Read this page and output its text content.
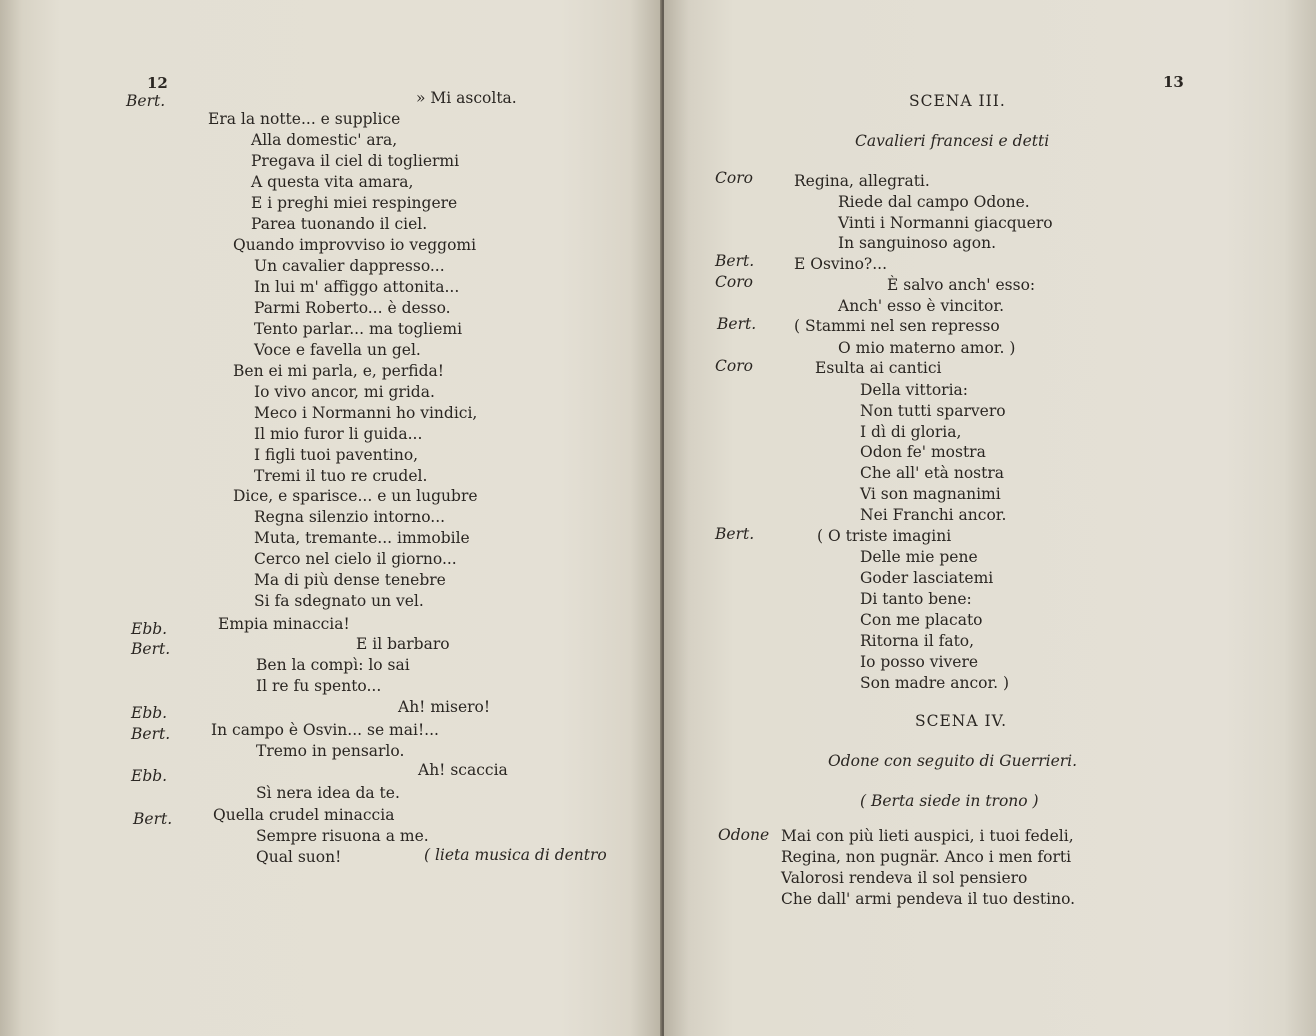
12
Bert.	» Mi ascolta.
Era la notte... e supplice
Alla domestic' ara,
Pregava il ciel di togliermi
A questa vita amara,
E i preghi miei respingere
Parea tuonando il ciel.
Quando improvviso io veggomi
Un cavalier dappresso...
In lui m' affiggo attonita...
Parmi Roberto... è desso.
Tento parlar... ma togliemi
Voce e favella un gel.
Ben ei mi parla, e, perfida!
Io vivo ancor, mi grida.
Meco i Normanni ho vindici,
Il mio furor li guida...
I figli tuoi paventino,
Tremi il tuo re crudel.
Dice, e sparisce... e un lugubre
Regna silenzio intorno...
Muta, tremante... immobile
Cerco nel cielo il giorno...
Ma di più dense tenebre
Si fa sdegnato un vel.
Ebb.	Empia minaccia!
Bert.	E il barbaro
Ben la compì: lo sai
Il re fu spento...
Ebb.	Ah! misero!
Bert.	In campo è Osvin... se mai!...
Tremo in pensarlo.
Ebb.	Ah! scaccia
Sì nera idea da te.
Bert.	Quella crudel minaccia
Sempre risuona a me.
Qual suon!	( lieta musica di dentro
13
SCENA III.
Cavalieri francesi e detti
Coro	Regina, allegrati.
Riede dal campo Odone.
Vinti i Normanni giacquero
In sanguinoso agon.
Bert.	E Osvino?...
Coro	È salvo anch' esso:
Anch' esso è vincitor.
Bert. ( Stammi nel sen represso
O mio materno amor. )
Coro	Esulta ai cantici
Della vittoria:
Non tutti sparvero
I dì di gloria,
Odon fe' mostra
Che all' età nostra
Vi son magnanimi
Nei Franchi ancor.
Bert.	( O triste imagini
Delle mie pene
Goder lasciatemi
Di tanto bene:
Con me placato
Ritorna il fato,
Io posso vivere
Son madre ancor. )
SCENA IV.
Odone con seguito di Guerrieri.
( Berta siede in trono )
Odone Mai con più lieti auspici, i tuoi fedeli,
Regina, non pugnär. Anco i men forti
Valorosi rendeva il sol pensiero
Che dall' armi pendeva il tuo destino.
